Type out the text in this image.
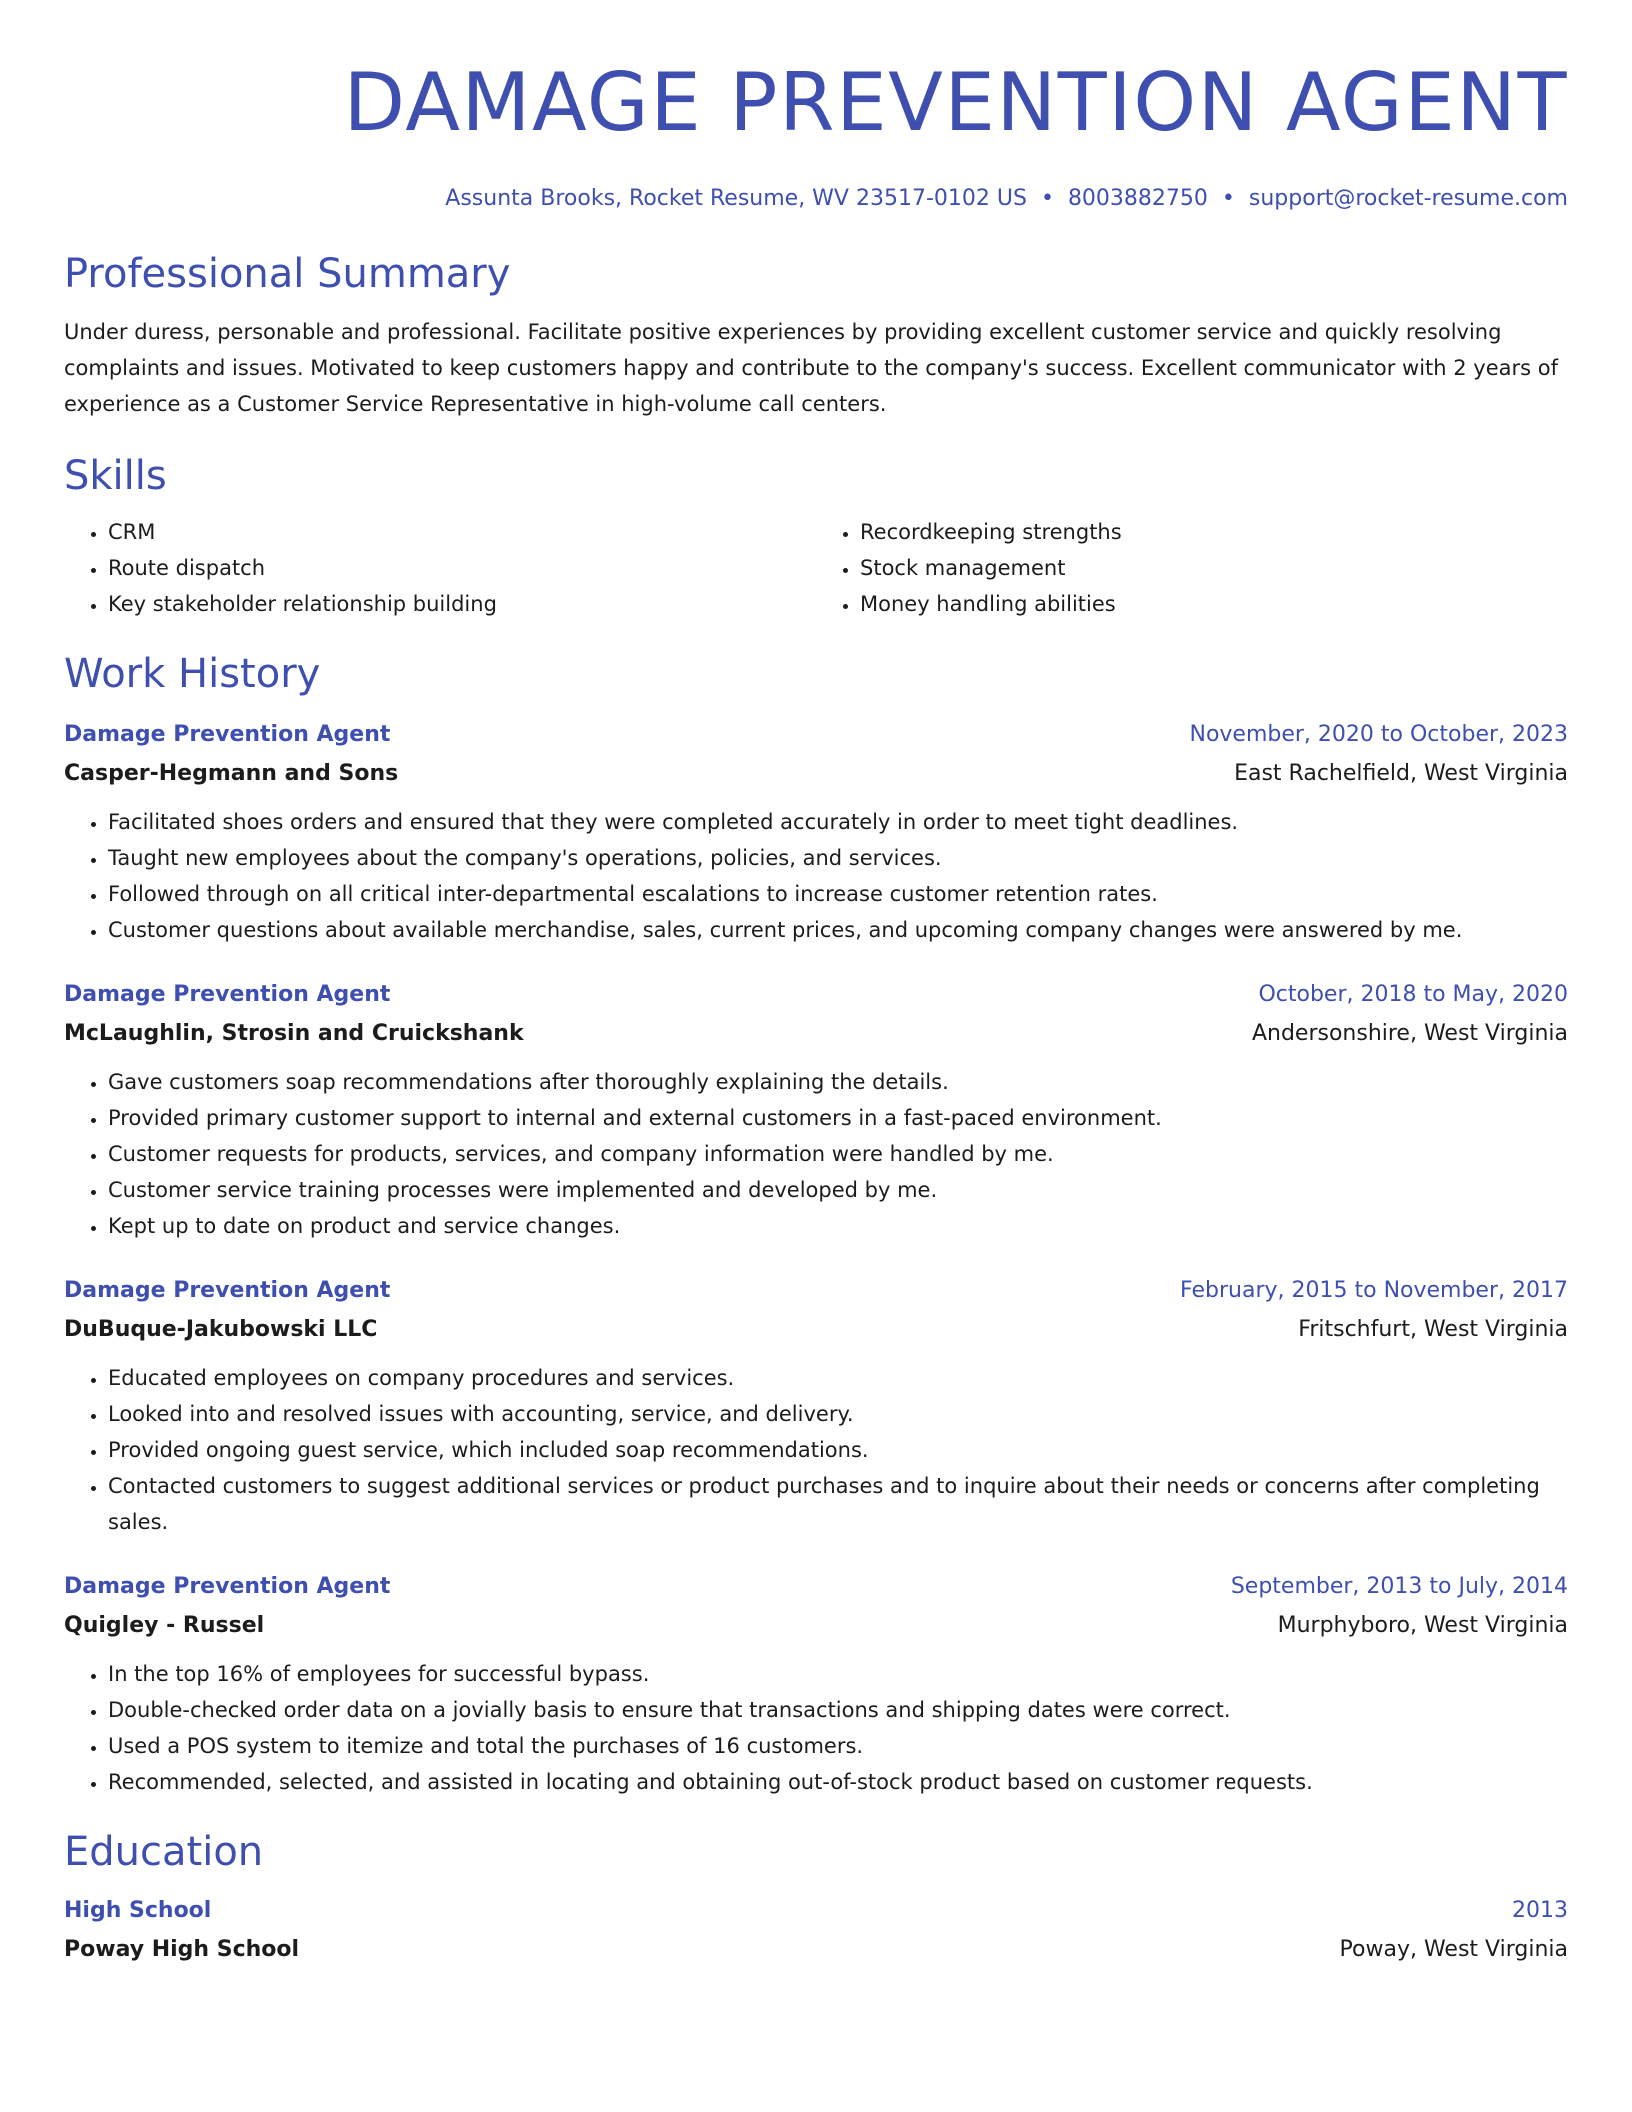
DAMAGE PREVENTION AGENT
Assunta Brooks, Rocket Resume, WV 23517-0102 US • 8003882750 • support@rocket-resume.com
Professional Summary
Under duress, personable and professional. Facilitate positive experiences by providing excellent customer service and quickly resolving complaints and issues. Motivated to keep customers happy and contribute to the company's success. Excellent communicator with 2 years of experience as a Customer Service Representative in high-volume call centers.
Skills
• CRM
• Route dispatch
• Key stakeholder relationship building
• Recordkeeping strengths
• Stock management
• Money handling abilities
Work History
Damage Prevention Agent	November, 2020 to October, 2023
Casper-Hegmann and Sons	East Rachelfield, West Virginia
• Facilitated shoes orders and ensured that they were completed accurately in order to meet tight deadlines.
• Taught new employees about the company's operations, policies, and services.
• Followed through on all critical inter-departmental escalations to increase customer retention rates.
• Customer questions about available merchandise, sales, current prices, and upcoming company changes were answered by me.
Damage Prevention Agent	October, 2018 to May, 2020
McLaughlin, Strosin and Cruickshank	Andersonshire, West Virginia
• Gave customers soap recommendations after thoroughly explaining the details.
• Provided primary customer support to internal and external customers in a fast-paced environment.
• Customer requests for products, services, and company information were handled by me.
• Customer service training processes were implemented and developed by me.
• Kept up to date on product and service changes.
Damage Prevention Agent	February, 2015 to November, 2017
DuBuque-Jakubowski LLC	Fritschfurt, West Virginia
• Educated employees on company procedures and services.
• Looked into and resolved issues with accounting, service, and delivery.
• Provided ongoing guest service, which included soap recommendations.
• Contacted customers to suggest additional services or product purchases and to inquire about their needs or concerns after completing sales.
Damage Prevention Agent	September, 2013 to July, 2014
Quigley - Russel	Murphyboro, West Virginia
• In the top 16% of employees for successful bypass.
• Double-checked order data on a jovially basis to ensure that transactions and shipping dates were correct.
• Used a POS system to itemize and total the purchases of 16 customers.
• Recommended, selected, and assisted in locating and obtaining out-of-stock product based on customer requests.
Education
High School	2013
Poway High School	Poway, West Virginia
